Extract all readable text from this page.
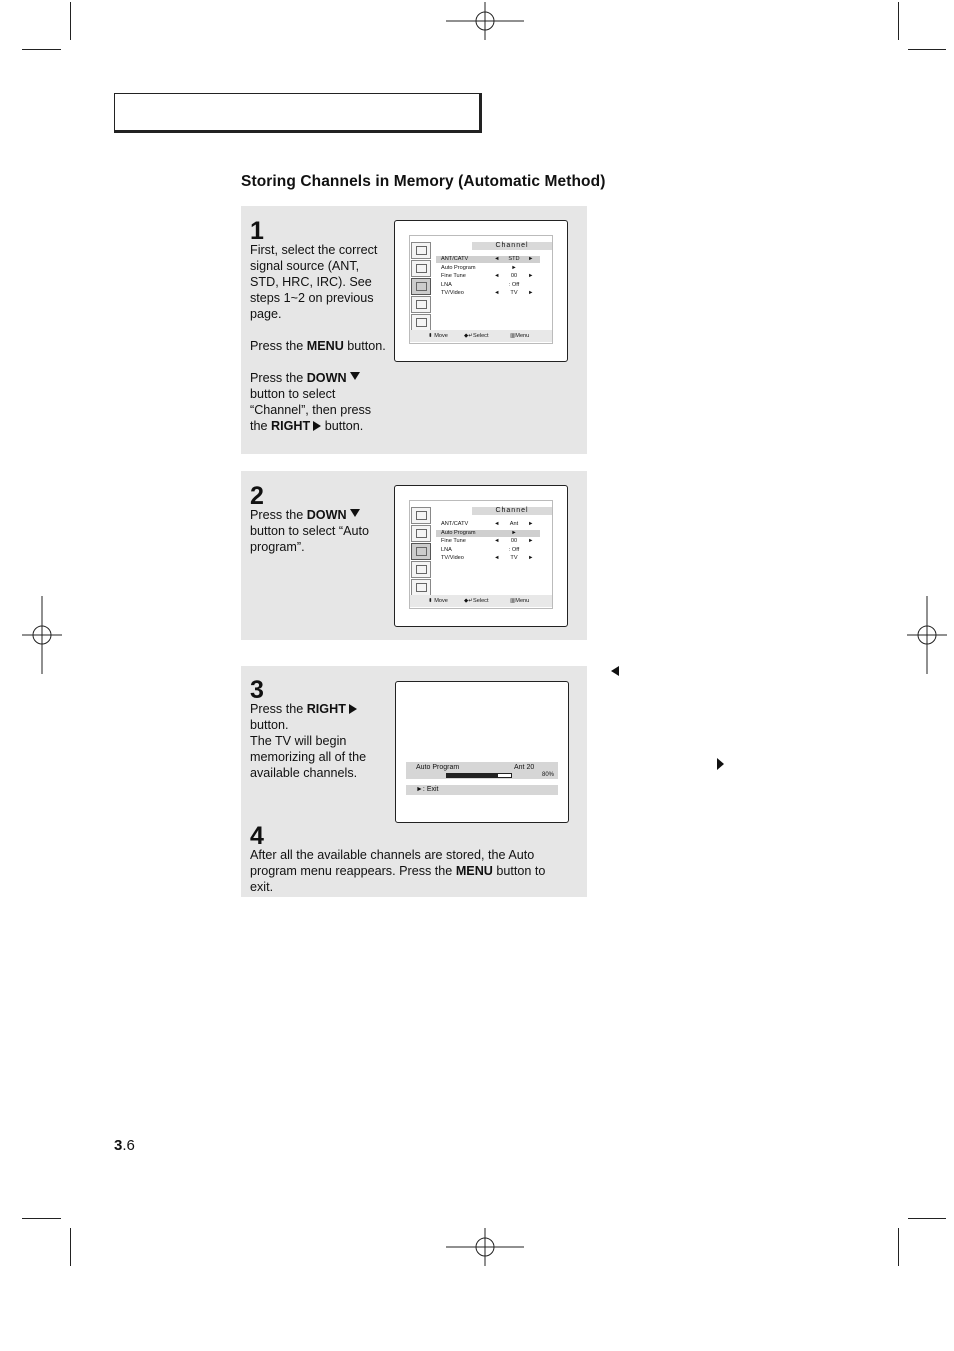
Storing Channels in Memory (Automatic Method)
1
First, select the correct signal source (ANT, STD, HRC, IRC). See steps 1~2 on previous page.
Press the MENU button.
Press the DOWN button to select “Channel”, then press the RIGHT button.
Channel
ANT/CATV	◄	STD	►
Auto Program	►
Fine Tune	◄	00	►
LNA	: Off
TV/Video	◄	TV	►
⬍ Move	◆↵Select	▥Menu
2
Press the DOWN button to select “Auto program”.
Channel
ANT/CATV	◄	Ant	►
Auto Program	►
Fine Tune	◄	00	►
LNA	: Off
TV/Video	◄	TV	►
⬍ Move	◆↵Select	▥Menu
3
Press the RIGHT button.
The TV will begin memorizing all of the available channels.	Auto Program	Ant 20
80%
►: Exit
4
After all the available channels are stored, the Auto program menu reappears. Press the MENU button to exit.
3.6
